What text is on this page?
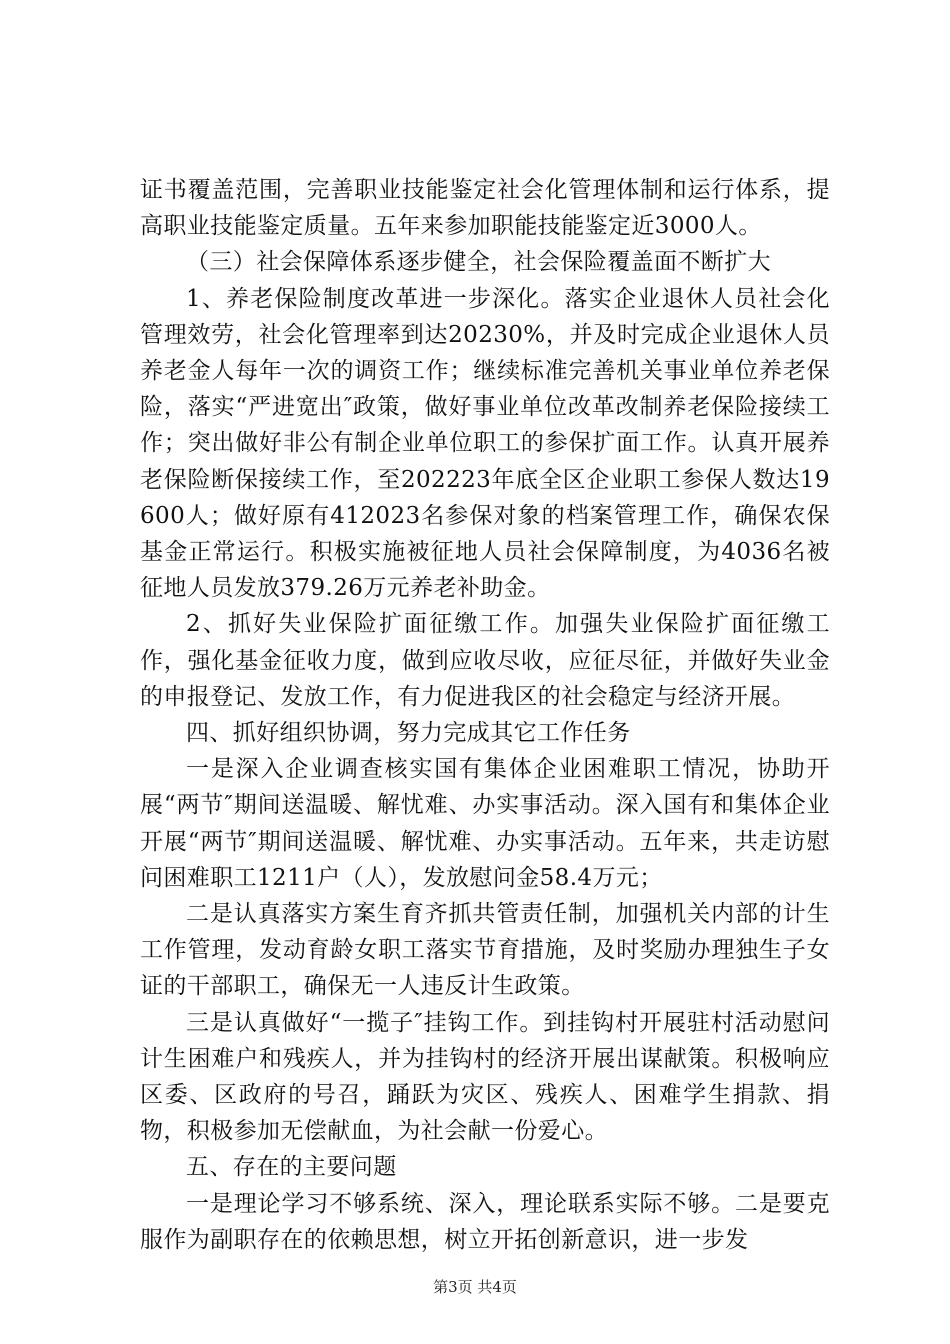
证书覆盖范围，完善职业技能鉴定社会化管理体制和运行体系，提高职业技能鉴定质量。五年来参加职能技能鉴定近3000人。

（三）社会保障体系逐步健全，社会保险覆盖面不断扩大

1、养老保险制度改革进一步深化。落实企业退休人员社会化管理效劳，社会化管理率到达20230%，并及时完成企业退休人员养老金人每年一次的调资工作；继续标准完善机关事业单位养老保险，落实“严进宽出″政策，做好事业单位改革改制养老保险接续工作；突出做好非公有制企业单位职工的参保扩面工作。认真开展养老保险断保接续工作，至202223年底全区企业职工参保人数达19600人；做好原有412023名参保对象的档案管理工作，确保农保基金正常运行。积极实施被征地人员社会保障制度，为4036名被征地人员发放379.26万元养老补助金。

2、抓好失业保险扩面征缴工作。加强失业保险扩面征缴工作，强化基金征收力度，做到应收尽收，应征尽征，并做好失业金的申报登记、发放工作，有力促进我区的社会稳定与经济开展。

四、抓好组织协调，努力完成其它工作任务

一是深入企业调查核实国有集体企业困难职工情况，协助开展“两节″期间送温暖、解忧难、办实事活动。深入国有和集体企业开展“两节″期间送温暖、解忧难、办实事活动。五年来，共走访慰问困难职工1211户（人），发放慰问金58.4万元；

二是认真落实方案生育齐抓共管责任制，加强机关内部的计生工作管理，发动育龄女职工落实节育措施，及时奖励办理独生子女证的干部职工，确保无一人违反计生政策。

三是认真做好“一揽子″挂钩工作。到挂钩村开展驻村活动慰问计生困难户和残疾人，并为挂钩村的经济开展出谋献策。积极响应区委、区政府的号召，踊跃为灾区、残疾人、困难学生捐款、捐物，积极参加无偿献血，为社会献一份爱心。

五、存在的主要问题

一是理论学习不够系统、深入，理论联系实际不够。二是要克服作为副职存在的依赖思想，树立开拓创新意识，进一步发

第3页 共4页
